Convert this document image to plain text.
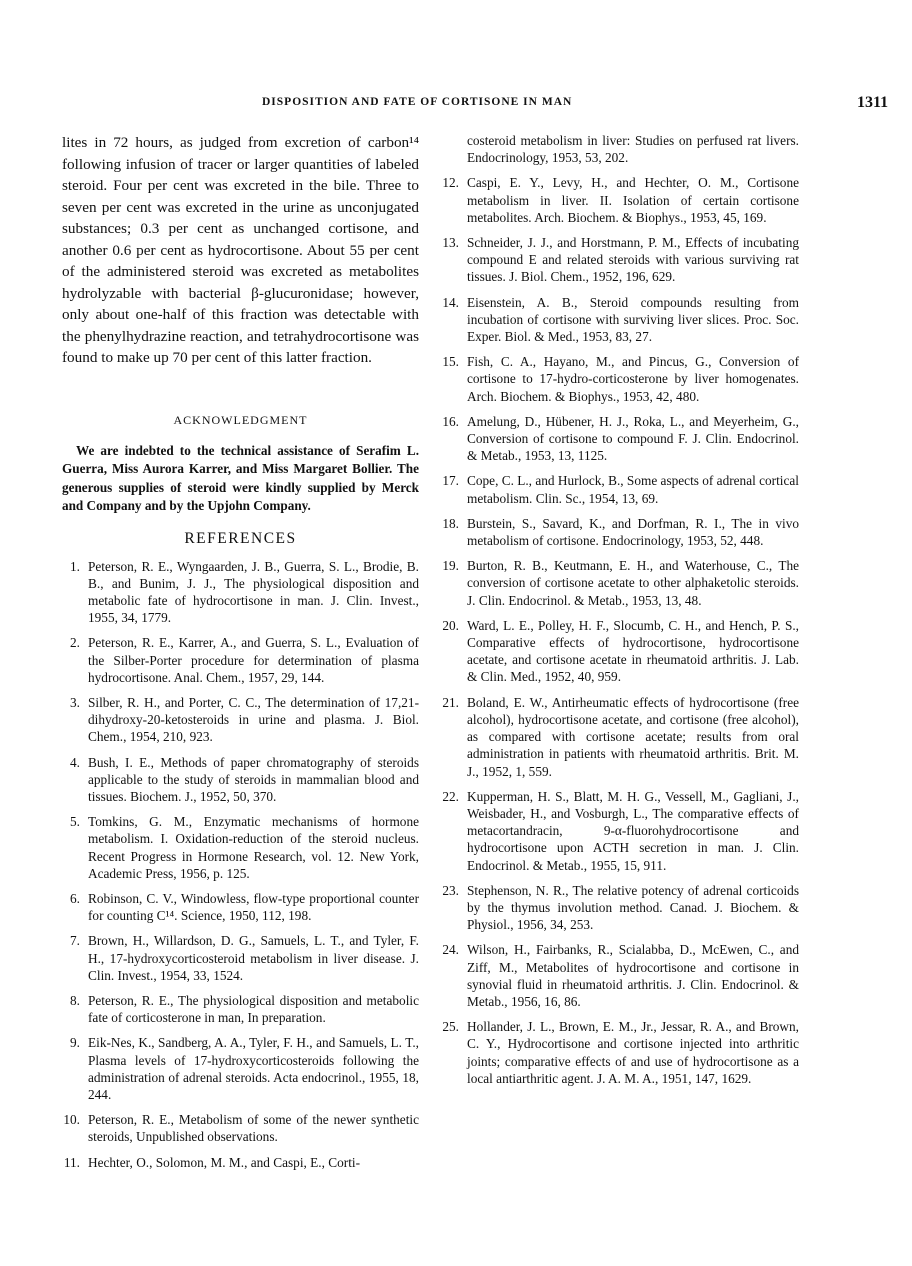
DISPOSITION AND FATE OF CORTISONE IN MAN	1311

lites in 72 hours, as judged from excretion of carbon¹⁴ following infusion of tracer or larger quantities of labeled steroid. Four per cent was excreted in the bile. Three to seven per cent was excreted in the urine as unconjugated substances; 0.3 per cent as unchanged cortisone, and another 0.6 per cent as hydrocortisone. About 55 per cent of the administered steroid was excreted as metabolites hydrolyzable with bacterial β-glucuronidase; however, only about one-half of this fraction was detectable with the phenylhydrazine reaction, and tetrahydrocortisone was found to make up 70 per cent of this latter fraction.

ACKNOWLEDGMENT

We are indebted to the technical assistance of Serafim L. Guerra, Miss Aurora Karrer, and Miss Margaret Bollier. The generous supplies of steroid were kindly supplied by Merck and Company and by the Upjohn Company.

REFERENCES
1. Peterson, R. E., Wyngaarden, J. B., Guerra, S. L., Brodie, B. B., and Bunim, J. J., The physiological disposition and metabolic fate of hydrocortisone in man. J. Clin. Invest., 1955, 34, 1779.
2. Peterson, R. E., Karrer, A., and Guerra, S. L., Evaluation of the Silber-Porter procedure for determination of plasma hydrocortisone. Anal. Chem., 1957, 29, 144.
3. Silber, R. H., and Porter, C. C., The determination of 17,21-dihydroxy-20-ketosteroids in urine and plasma. J. Biol. Chem., 1954, 210, 923.
4. Bush, I. E., Methods of paper chromatography of steroids applicable to the study of steroids in mammalian blood and tissues. Biochem. J., 1952, 50, 370.
5. Tomkins, G. M., Enzymatic mechanisms of hormone metabolism. I. Oxidation-reduction of the steroid nucleus. Recent Progress in Hormone Research, vol. 12. New York, Academic Press, 1956, p. 125.
6. Robinson, C. V., Windowless, flow-type proportional counter for counting C¹⁴. Science, 1950, 112, 198.
7. Brown, H., Willardson, D. G., Samuels, L. T., and Tyler, F. H., 17-hydroxycorticosteroid metabolism in liver disease. J. Clin. Invest., 1954, 33, 1524.
8. Peterson, R. E., The physiological disposition and metabolic fate of corticosterone in man, In preparation.
9. Eik-Nes, K., Sandberg, A. A., Tyler, F. H., and Samuels, L. T., Plasma levels of 17-hydroxycorticosteroids following the administration of adrenal steroids. Acta endocrinol., 1955, 18, 244.
10. Peterson, R. E., Metabolism of some of the newer synthetic steroids, Unpublished observations.
11. Hechter, O., Solomon, M. M., and Caspi, E., Corti-
costeroid metabolism in liver: Studies on perfused rat livers. Endocrinology, 1953, 53, 202.
12. Caspi, E. Y., Levy, H., and Hechter, O. M., Cortisone metabolism in liver. II. Isolation of certain cortisone metabolites. Arch. Biochem. & Biophys., 1953, 45, 169.
13. Schneider, J. J., and Horstmann, P. M., Effects of incubating compound E and related steroids with various surviving rat tissues. J. Biol. Chem., 1952, 196, 629.
14. Eisenstein, A. B., Steroid compounds resulting from incubation of cortisone with surviving liver slices. Proc. Soc. Exper. Biol. & Med., 1953, 83, 27.
15. Fish, C. A., Hayano, M., and Pincus, G., Conversion of cortisone to 17-hydro-corticosterone by liver homogenates. Arch. Biochem. & Biophys., 1953, 42, 480.
16. Amelung, D., Hübener, H. J., Roka, L., and Meyerheim, G., Conversion of cortisone to compound F. J. Clin. Endocrinol. & Metab., 1953, 13, 1125.
17. Cope, C. L., and Hurlock, B., Some aspects of adrenal cortical metabolism. Clin. Sc., 1954, 13, 69.
18. Burstein, S., Savard, K., and Dorfman, R. I., The in vivo metabolism of cortisone. Endocrinology, 1953, 52, 448.
19. Burton, R. B., Keutmann, E. H., and Waterhouse, C., The conversion of cortisone acetate to other alphaketolic steroids. J. Clin. Endocrinol. & Metab., 1953, 13, 48.
20. Ward, L. E., Polley, H. F., Slocumb, C. H., and Hench, P. S., Comparative effects of hydrocortisone, hydrocortisone acetate, and cortisone acetate in rheumatoid arthritis. J. Lab. & Clin. Med., 1952, 40, 959.
21. Boland, E. W., Antirheumatic effects of hydrocortisone (free alcohol), hydrocortisone acetate, and cortisone (free alcohol), as compared with cortisone acetate; results from oral administration in patients with rheumatoid arthritis. Brit. M. J., 1952, 1, 559.
22. Kupperman, H. S., Blatt, M. H. G., Vessell, M., Gagliani, J., Weisbader, H., and Vosburgh, L., The comparative effects of metacortandracin, 9-α-fluorohydrocortisone and hydrocortisone upon ACTH secretion in man. J. Clin. Endocrinol. & Metab., 1955, 15, 911.
23. Stephenson, N. R., The relative potency of adrenal corticoids by the thymus involution method. Canad. J. Biochem. & Physiol., 1956, 34, 253.
24. Wilson, H., Fairbanks, R., Scialabba, D., McEwen, C., and Ziff, M., Metabolites of hydrocortisone and cortisone in synovial fluid in rheumatoid arthritis. J. Clin. Endocrinol. & Metab., 1956, 16, 86.
25. Hollander, J. L., Brown, E. M., Jr., Jessar, R. A., and Brown, C. Y., Hydrocortisone and cortisone injected into arthritic joints; comparative effects of and use of hydrocortisone as a local antiarthritic agent. J. A. M. A., 1951, 147, 1629.
